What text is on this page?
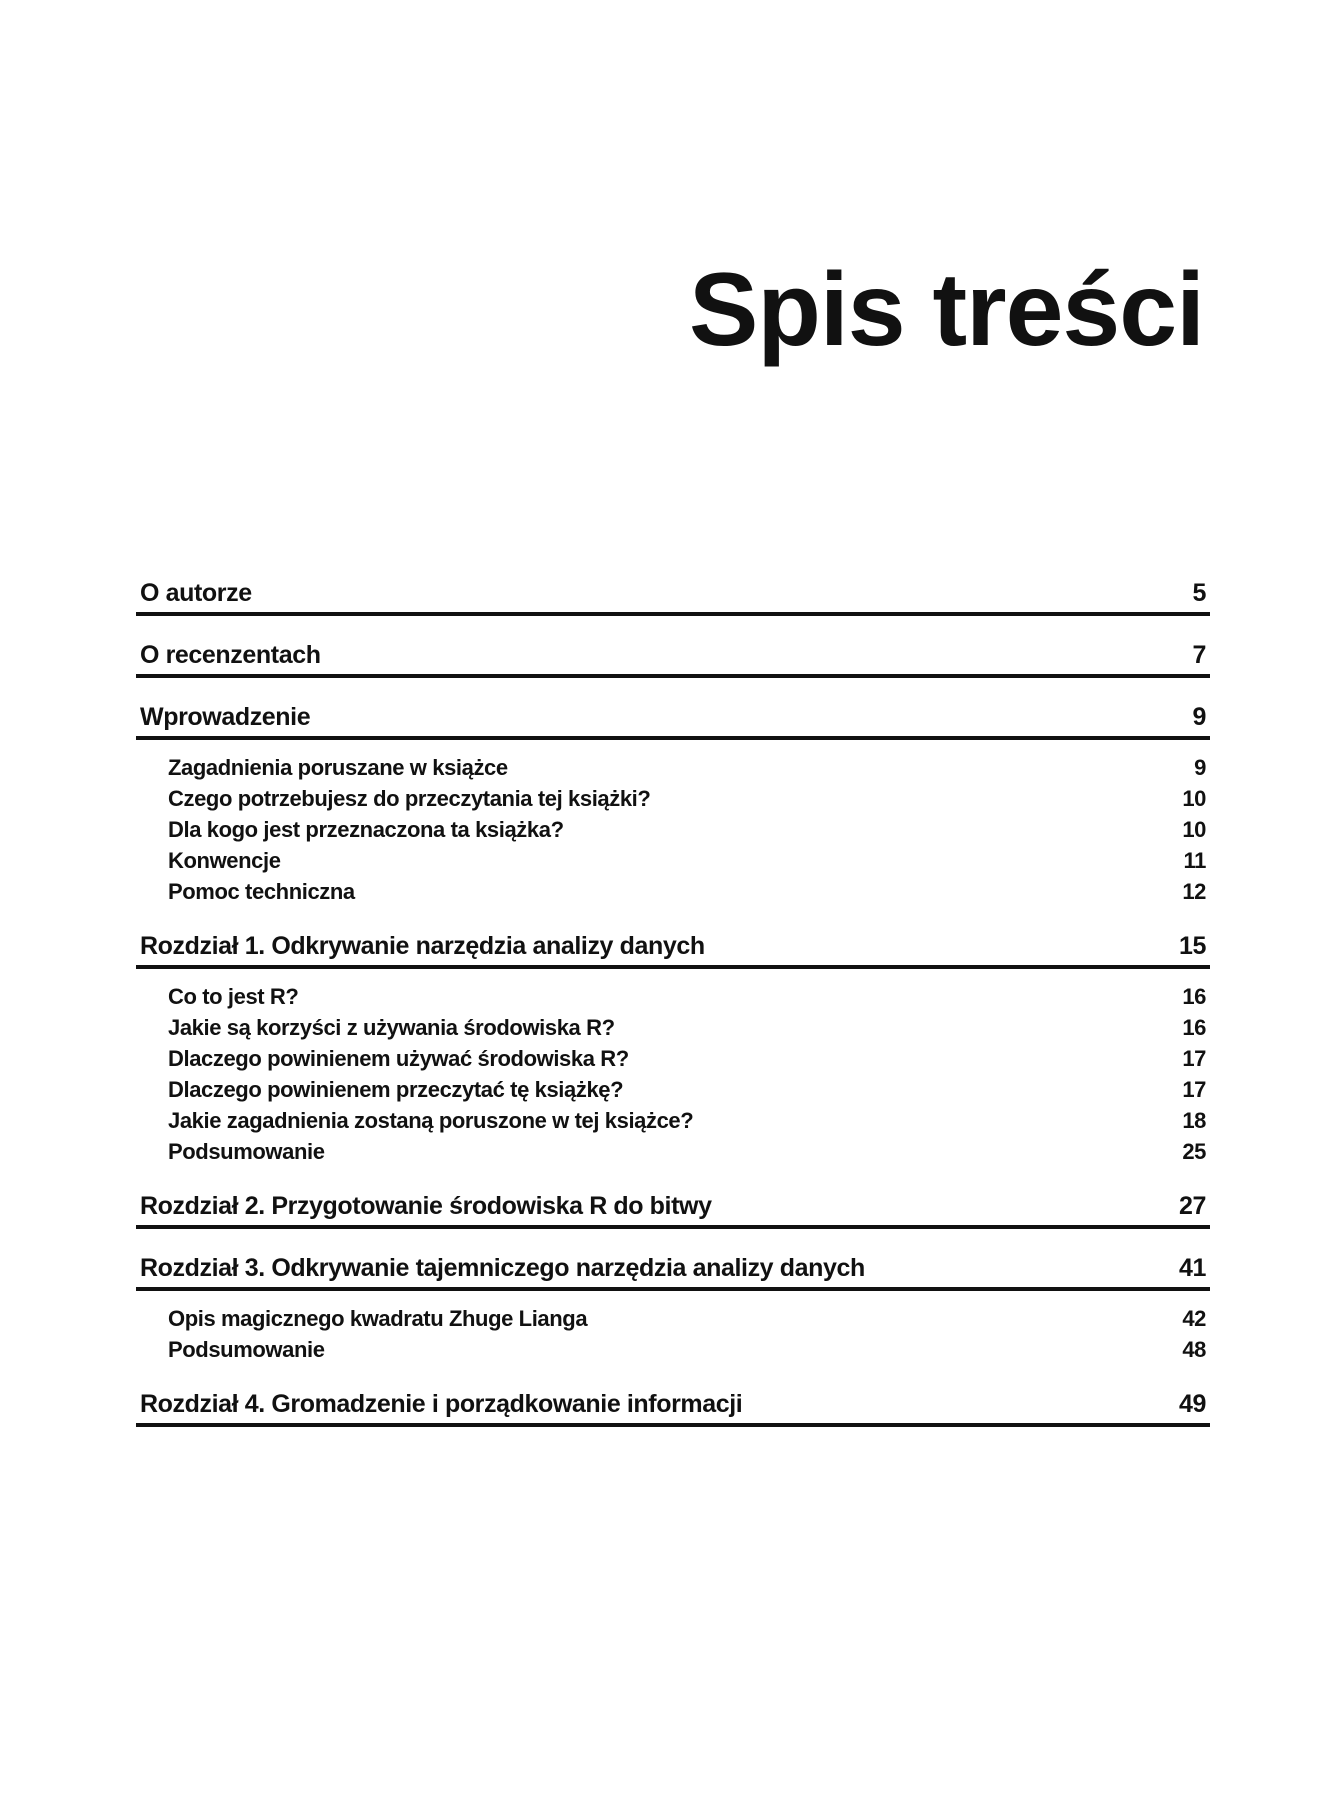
Spis treści
O autorze	5
O recenzentach	7
Wprowadzenie	9
Zagadnienia poruszane w książce	9
Czego potrzebujesz do przeczytania tej książki?	10
Dla kogo jest przeznaczona ta książka?	10
Konwencje	11
Pomoc techniczna	12
Rozdział 1. Odkrywanie narzędzia analizy danych	15
Co to jest R?	16
Jakie są korzyści z używania środowiska R?	16
Dlaczego powinienem używać środowiska R?	17
Dlaczego powinienem przeczytać tę książkę?	17
Jakie zagadnienia zostaną poruszone w tej książce?	18
Podsumowanie	25
Rozdział 2. Przygotowanie środowiska R do bitwy	27
Rozdział 3. Odkrywanie tajemniczego narzędzia analizy danych	41
Opis magicznego kwadratu Zhuge Lianga	42
Podsumowanie	48
Rozdział 4. Gromadzenie i porządkowanie informacji	49
